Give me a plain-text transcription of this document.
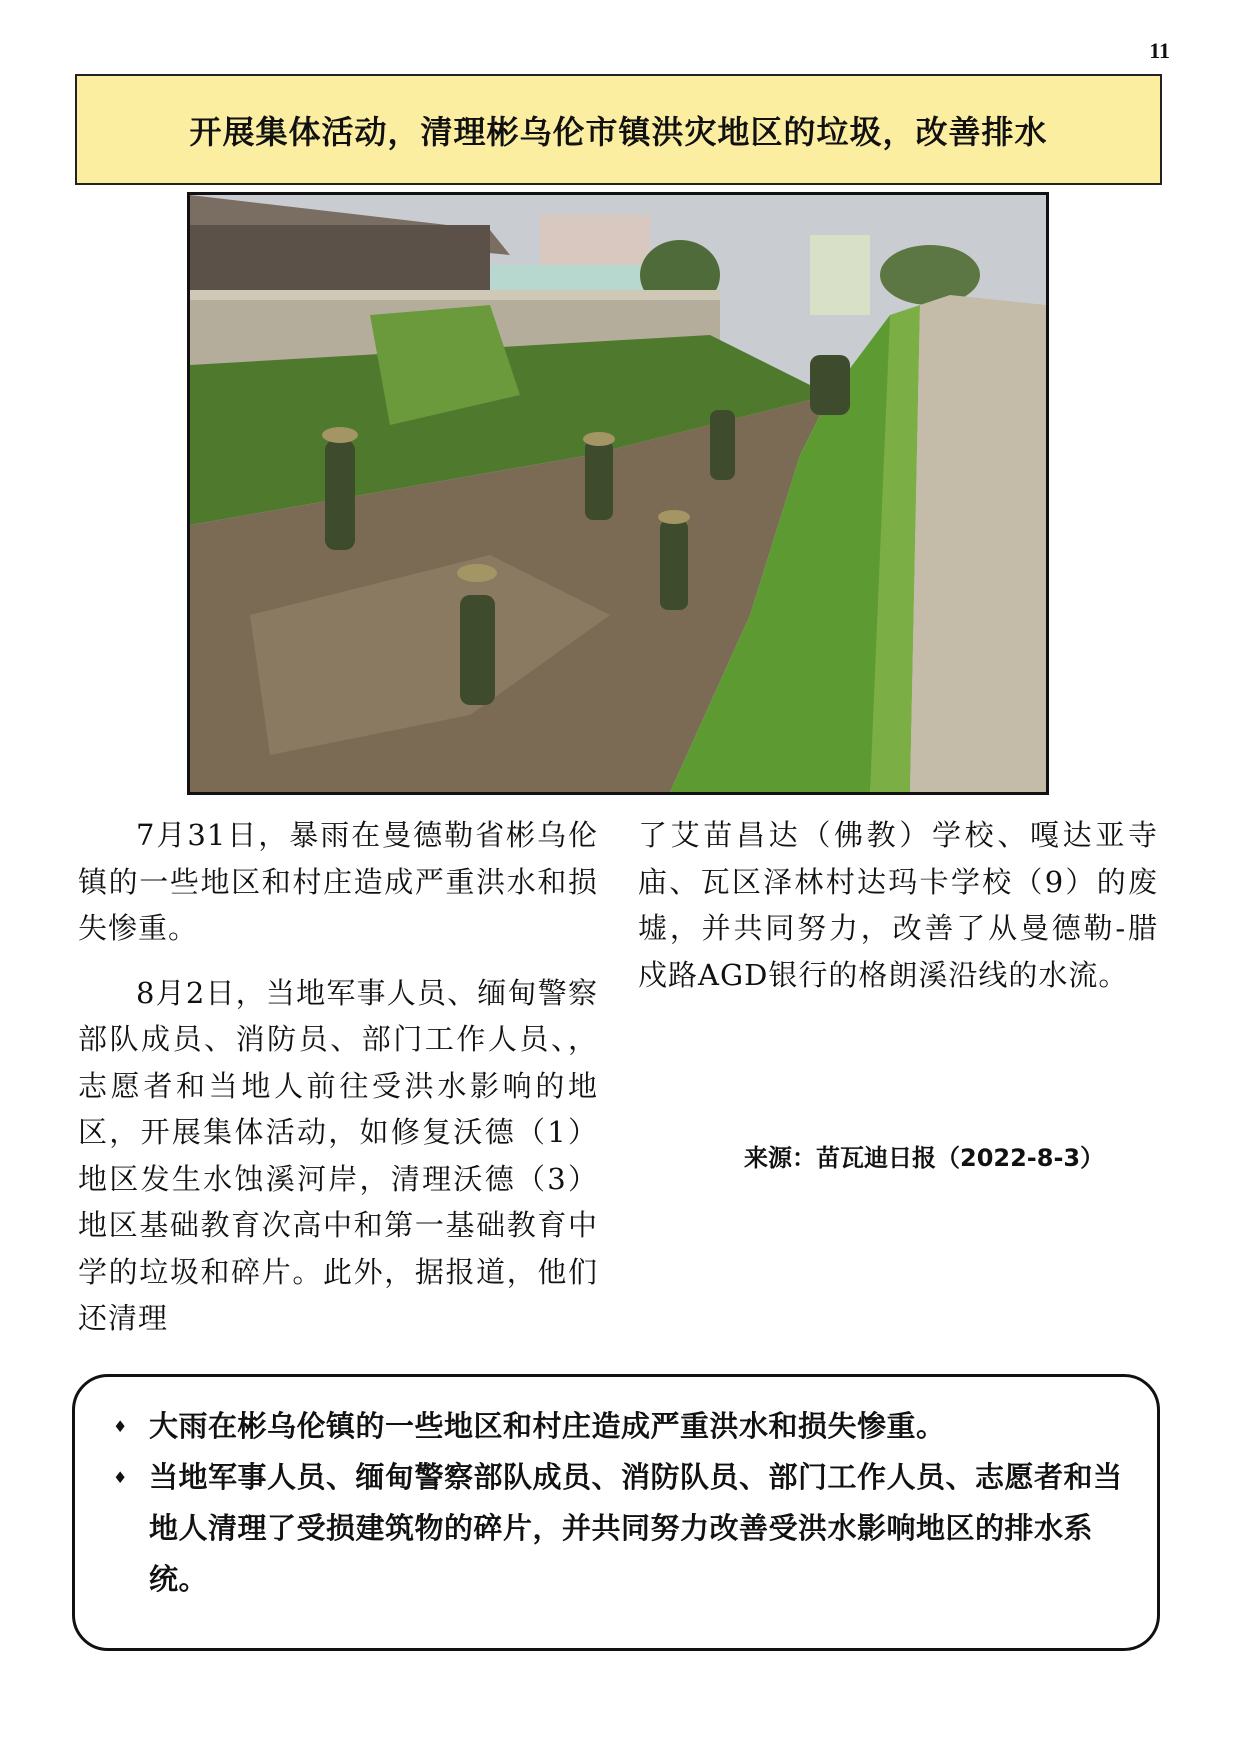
11
开展集体活动，清理彬乌伦市镇洪灾地区的垃圾，改善排水

7月31日，暴雨在曼德勒省彬乌伦镇的一些地区和村庄造成严重洪水和损失惨重。

8月2日，当地军事人员、缅甸警察部队成员、消防员、部门工作人员、，志愿者和当地人前往受洪水影响的地区，开展集体活动，如修复沃德（1）地区发生水蚀溪河岸，清理沃德（3）地区基础教育次高中和第一基础教育中学的垃圾和碎片。此外，据报道，他们还清理

了艾苗昌达（佛教）学校、嘎达亚寺庙、瓦区泽林村达玛卡学校（9）的废墟，并共同努力，改善了从曼德勒-腊戍路AGD银行的格朗溪沿线的水流。

来源：苗瓦迪日报（2022-8-3）
♦ 大雨在彬乌伦镇的一些地区和村庄造成严重洪水和损失惨重。
♦ 当地军事人员、缅甸警察部队成员、消防队员、部门工作人员、志愿者和当地人清理了受损建筑物的碎片，并共同努力改善受洪水影响地区的排水系统。
